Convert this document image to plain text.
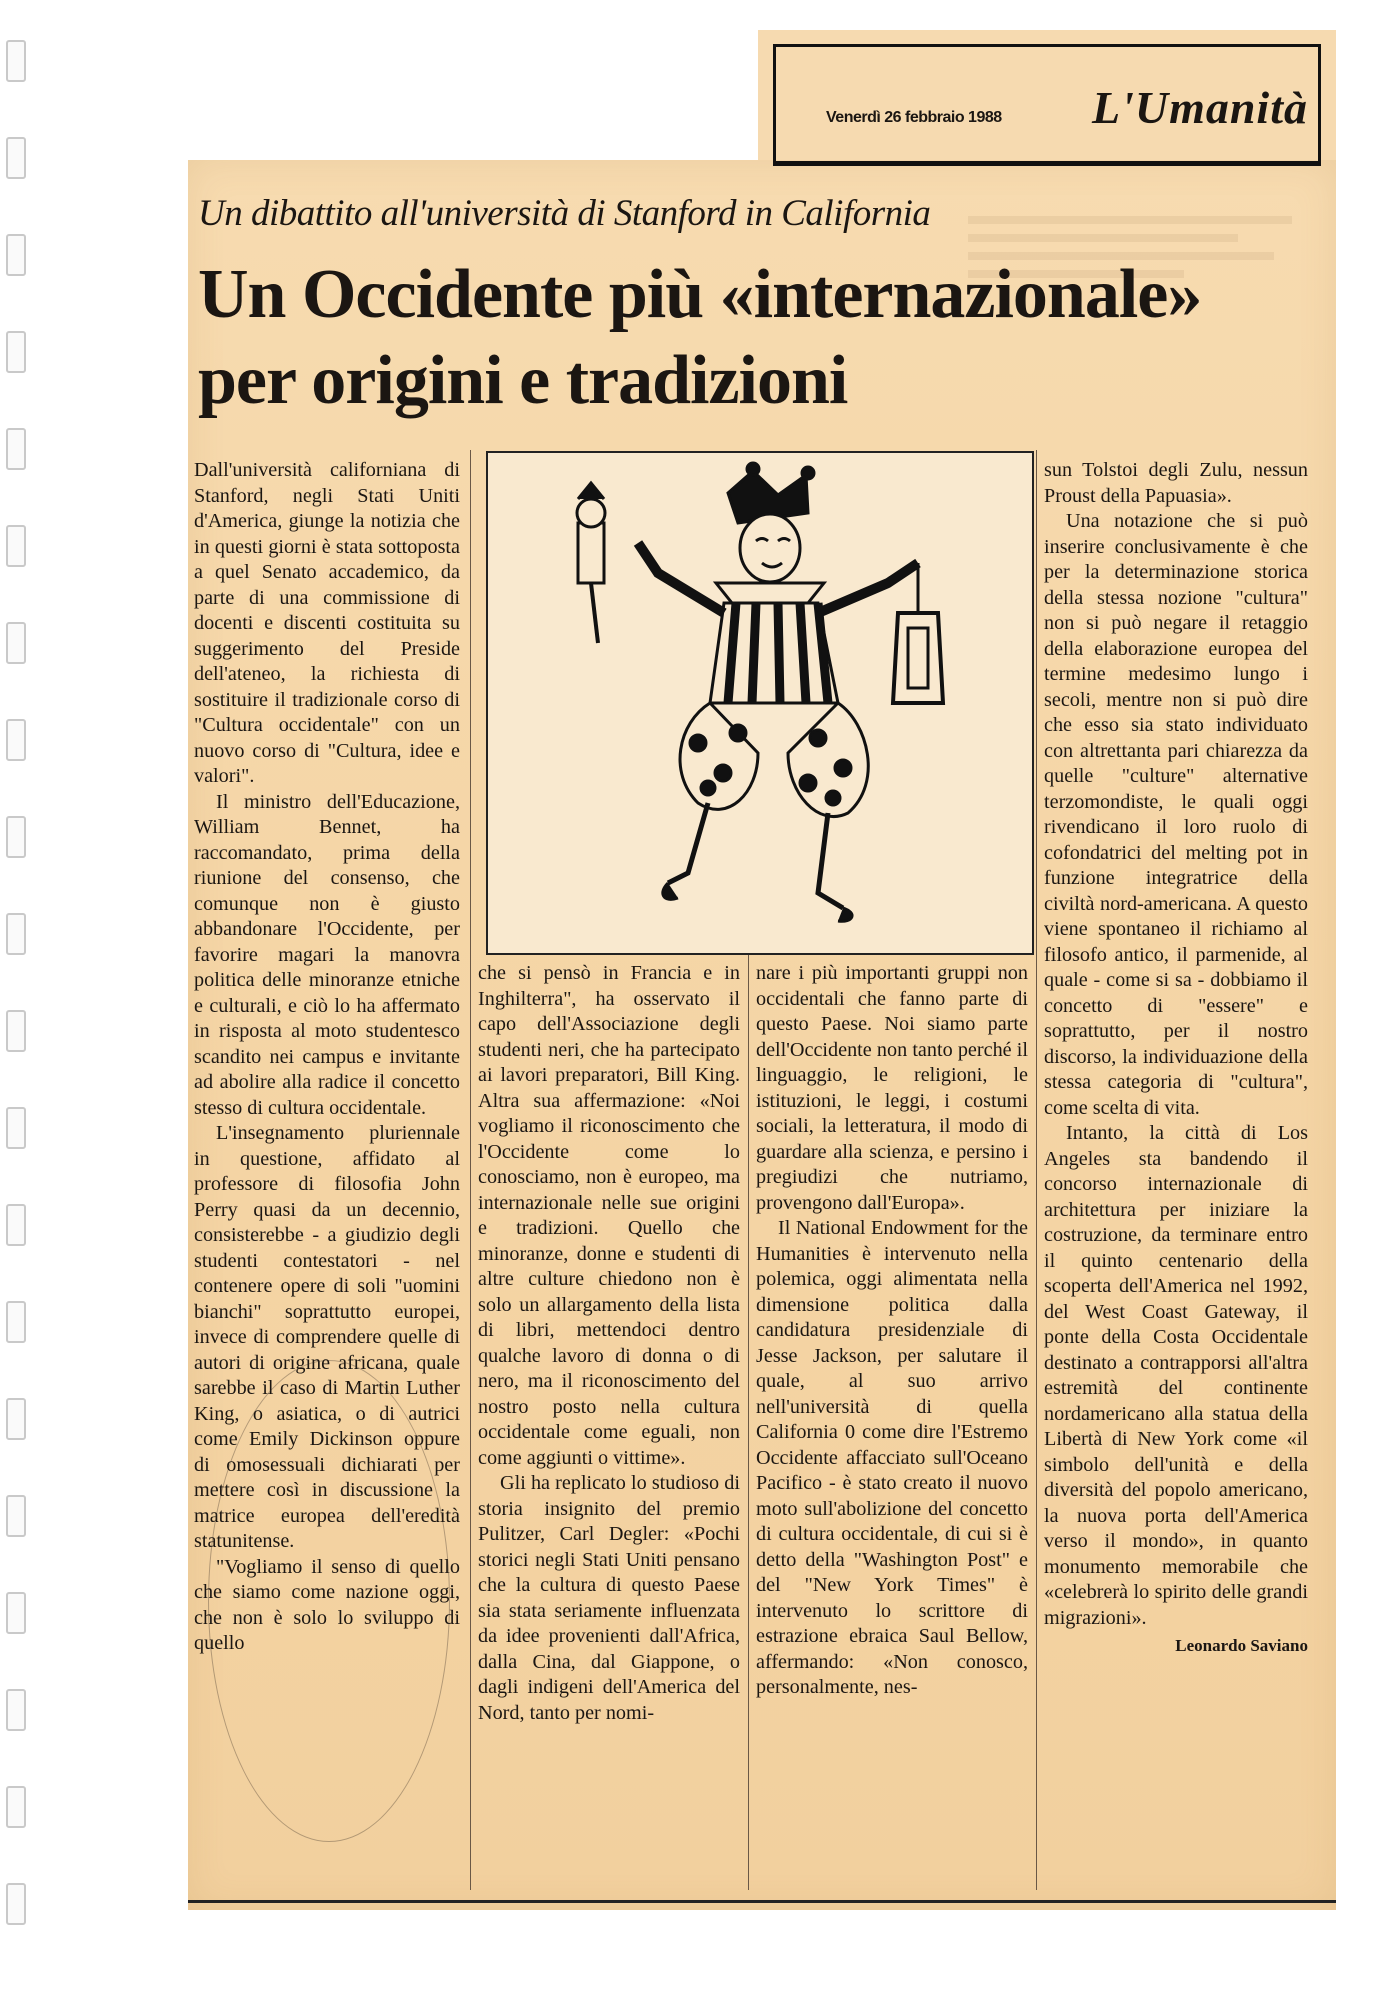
Venerdì 26 febbraio 1988 L'Umanità
Un dibattito all'università di Stanford in California
Un Occidente più «internazionale»
per origini e tradizioni

Dall'università californiana di Stanford, negli Stati Uniti d'America, giunge la notizia che in questi giorni è stata sottoposta a quel Senato accademico, da parte di una commissione di docenti e discenti costituita su suggerimento del Preside dell'ateneo, la richiesta di sostituire il tradizionale corso di "Cultura occidentale" con un nuovo corso di "Cultura, idee e valori".

Il ministro dell'Educazione, William Bennet, ha raccomandato, prima della riunione del consenso, che comunque non è giusto abbandonare l'Occidente, per favorire magari la manovra politica delle minoranze etniche e culturali, e ciò lo ha affermato in risposta al moto studentesco scandito nei campus e invitante ad abolire alla radice il concetto stesso di cultura occidentale.

L'insegnamento pluriennale in questione, affidato al professore di filosofia John Perry quasi da un decennio, consisterebbe - a giudizio degli studenti contestatori - nel contenere opere di soli "uomini bianchi" soprattutto europei, invece di comprendere quelle di autori di origine africana, quale sarebbe il caso di Martin Luther King, o asiatica, o di autrici come Emily Dickinson oppure di omosessuali dichiarati per mettere così in discussione la matrice europea dell'eredità statunitense.

"Vogliamo il senso di quello che siamo come nazione oggi, che non è solo lo sviluppo di quello

che si pensò in Francia e in Inghilterra", ha osservato il capo dell'Associazione degli studenti neri, che ha partecipato ai lavori preparatori, Bill King. Altra sua affermazione: «Noi vogliamo il riconoscimento che l'Occidente come lo conosciamo, non è europeo, ma internazionale nelle sue origini e tradizioni. Quello che minoranze, donne e studenti di altre culture chiedono non è solo un allargamento della lista di libri, mettendoci dentro qualche lavoro di donna o di nero, ma il riconoscimento del nostro posto nella cultura occidentale come eguali, non come aggiunti o vittime».

Gli ha replicato lo studioso di storia insignito del premio Pulitzer, Carl Degler: «Pochi storici negli Stati Uniti pensano che la cultura di questo Paese sia stata seriamente influenzata da idee provenienti dall'Africa, dalla Cina, dal Giappone, o dagli indigeni dell'America del Nord, tanto per nomi-

nare i più importanti gruppi non occidentali che fanno parte di questo Paese. Noi siamo parte dell'Occidente non tanto perché il linguaggio, le religioni, le istituzioni, le leggi, i costumi sociali, la letteratura, il modo di guardare alla scienza, e persino i pregiudizi che nutriamo, provengono dall'Europa».

Il National Endowment for the Humanities è intervenuto nella polemica, oggi alimentata nella dimensione politica dalla candidatura presidenziale di Jesse Jackson, per salutare il quale, al suo arrivo nell'università di quella California 0 come dire l'Estremo Occidente affacciato sull'Oceano Pacifico - è stato creato il nuovo moto sull'abolizione del concetto di cultura occidentale, di cui si è detto della "Washington Post" e del "New York Times" è intervenuto lo scrittore di estrazione ebraica Saul Bellow, affermando: «Non conosco, personalmente, nes-

sun Tolstoi degli Zulu, nessun Proust della Papuasia».

Una notazione che si può inserire conclusivamente è che per la determinazione storica della stessa nozione "cultura" non si può negare il retaggio della elaborazione europea del termine medesimo lungo i secoli, mentre non si può dire che esso sia stato individuato con altrettanta pari chiarezza da quelle "culture" alternative terzomondiste, le quali oggi rivendicano il loro ruolo di cofondatrici del melting pot in funzione integratrice della civiltà nord-americana. A questo viene spontaneo il richiamo al filosofo antico, il parmenide, al quale - come si sa - dobbiamo il concetto di "essere" e soprattutto, per il nostro discorso, la individuazione della stessa categoria di "cultura", come scelta di vita.

Intanto, la città di Los Angeles sta bandendo il concorso internazionale di architettura per iniziare la costruzione, da terminare entro il quinto centenario della scoperta dell'America nel 1992, del West Coast Gateway, il ponte della Costa Occidentale destinato a contrapporsi all'altra estremità del continente nordamericano alla statua della Libertà di New York come «il simbolo dell'unità e della diversità del popolo americano, la nuova porta dell'America verso il mondo», in quanto monumento memorabile che «celebrerà lo spirito delle grandi migrazioni».

Leonardo Saviano
